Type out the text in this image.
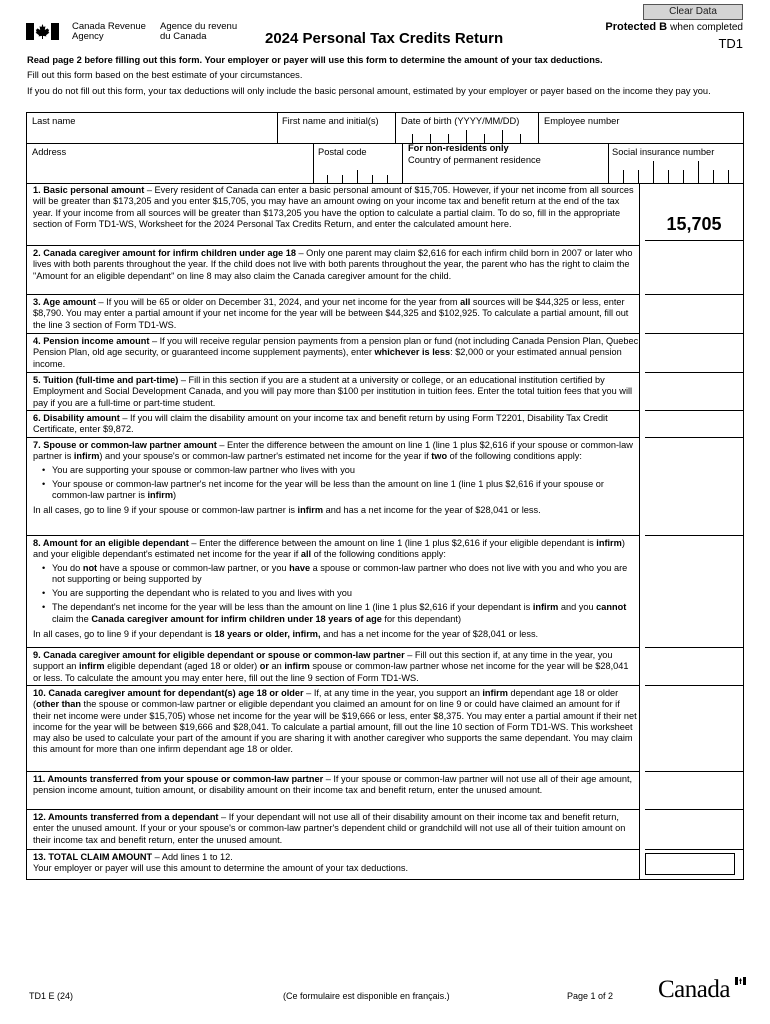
Clear Data
Canada Revenue
Agency
Agence du revenu
du Canada
Protected B when completed
TD1
2024 Personal Tax Credits Return
Read page 2 before filling out this form. Your employer or payer will use this form to determine the amount of your tax deductions.
Fill out this form based on the best estimate of your circumstances.
If you do not fill out this form, your tax deductions will only include the basic personal amount, estimated by your employer or payer based on the income they pay you.
Last name	First name and initial(s) Date of birth (YYYY/MM/DD)	Employee number
Address	Postal code	For non-residents only
Country of permanent residence
Social insurance number
15,705
1. Basic personal amount – Every resident of Canada can enter a basic personal amount of $15,705. However, if your net income from all sources will be greater than $173,205 and you enter $15,705, you may have an amount owing on your income tax and benefit return at the end of the tax year. If your income from all sources will be greater than $173,205 you have the option to calculate a partial claim. To do so, fill in the appropriate section of Form TD1-WS, Worksheet for the 2024 Personal Tax Credits Return, and enter the calculated amount here.
2. Canada caregiver amount for infirm children under age 18 – Only one parent may claim $2,616 for each infirm child born in 2007 or later who lives with both parents throughout the year. If the child does not live with both parents throughout the year, the parent who has the right to claim the "Amount for an eligible dependant" on line 8 may also claim the Canada caregiver amount for the child.
3. Age amount – If you will be 65 or older on December 31, 2024, and your net income for the year from all sources will be $44,325 or less, enter $8,790. You may enter a partial amount if your net income for the year will be between $44,325 and $102,925. To calculate a partial amount, fill out the line 3 section of Form TD1-WS.
4. Pension income amount – If you will receive regular pension payments from a pension plan or fund (not including Canada Pension Plan, Quebec Pension Plan, old age security, or guaranteed income supplement payments), enter whichever is less: $2,000 or your estimated annual pension income.
5. Tuition (full-time and part-time) – Fill in this section if you are a student at a university or college, or an educational institution certified by Employment and Social Development Canada, and you will pay more than $100 per institution in tuition fees. Enter the total tuition fees that you will pay if you are a full-time or part-time student.
6. Disability amount – If you will claim the disability amount on your income tax and benefit return by using Form T2201, Disability Tax Credit Certificate, enter $9,872.
7. Spouse or common-law partner amount – Enter the difference between the amount on line 1 (line 1 plus $2,616 if your spouse or common-law partner is infirm) and your spouse's or common-law partner's estimated net income for the year if two of the following conditions apply:
• You are supporting your spouse or common-law partner who lives with you
• Your spouse or common-law partner's net income for the year will be less than the amount on line 1 (line 1 plus $2,616 if your spouse or common-law partner is infirm)
In all cases, go to line 9 if your spouse or common-law partner is infirm and has a net income for the year of $28,041 or less.
8. Amount for an eligible dependant – Enter the difference between the amount on line 1 (line 1 plus $2,616 if your eligible dependant is infirm) and your eligible dependant's estimated net income for the year if all of the following conditions apply:
• You do not have a spouse or common-law partner, or you have a spouse or common-law partner who does not live with you and who you are not supporting or being supported by
• You are supporting the dependant who is related to you and lives with you
• The dependant's net income for the year will be less than the amount on line 1 (line 1 plus $2,616 if your dependant is infirm and you cannot claim the Canada caregiver amount for infirm children under 18 years of age for this dependant)
In all cases, go to line 9 if your dependant is 18 years or older, infirm, and has a net income for the year of $28,041 or less.
9. Canada caregiver amount for eligible dependant or spouse or common-law partner – Fill out this section if, at any time in the year, you support an infirm eligible dependant (aged 18 or older) or an infirm spouse or common-law partner whose net income for the year will be $28,041 or less. To calculate the amount you may enter here, fill out the line 9 section of Form TD1-WS.
10. Canada caregiver amount for dependant(s) age 18 or older – If, at any time in the year, you support an infirm dependant age 18 or older (other than the spouse or common-law partner or eligible dependant you claimed an amount for on line 9 or could have claimed an amount for if their net income were under $15,705) whose net income for the year will be $19,666 or less, enter $8,375. You may enter a partial amount if their net income for the year will be between $19,666 and $28,041. To calculate a partial amount, fill out the line 10 section of Form TD1-WS. This worksheet may also be used to calculate your part of the amount if you are sharing it with another caregiver who supports the same dependant. You may claim this amount for more than one infirm dependant age 18 or older.
11. Amounts transferred from your spouse or common-law partner – If your spouse or common-law partner will not use all of their age amount, pension income amount, tuition amount, or disability amount on their income tax and benefit return, enter the unused amount.
12. Amounts transferred from a dependant – If your dependant will not use all of their disability amount on their income tax and benefit return, enter the unused amount. If your or your spouse's or common-law partner's dependent child or grandchild will not use all of their tuition amount on their income tax and benefit return, enter the unused amount.
13. TOTAL CLAIM AMOUNT – Add lines 1 to 12.
Your employer or payer will use this amount to determine the amount of your tax deductions.
TD1 E (24)	(Ce formulaire est disponible en français.)	Page 1 of 2 Canada
